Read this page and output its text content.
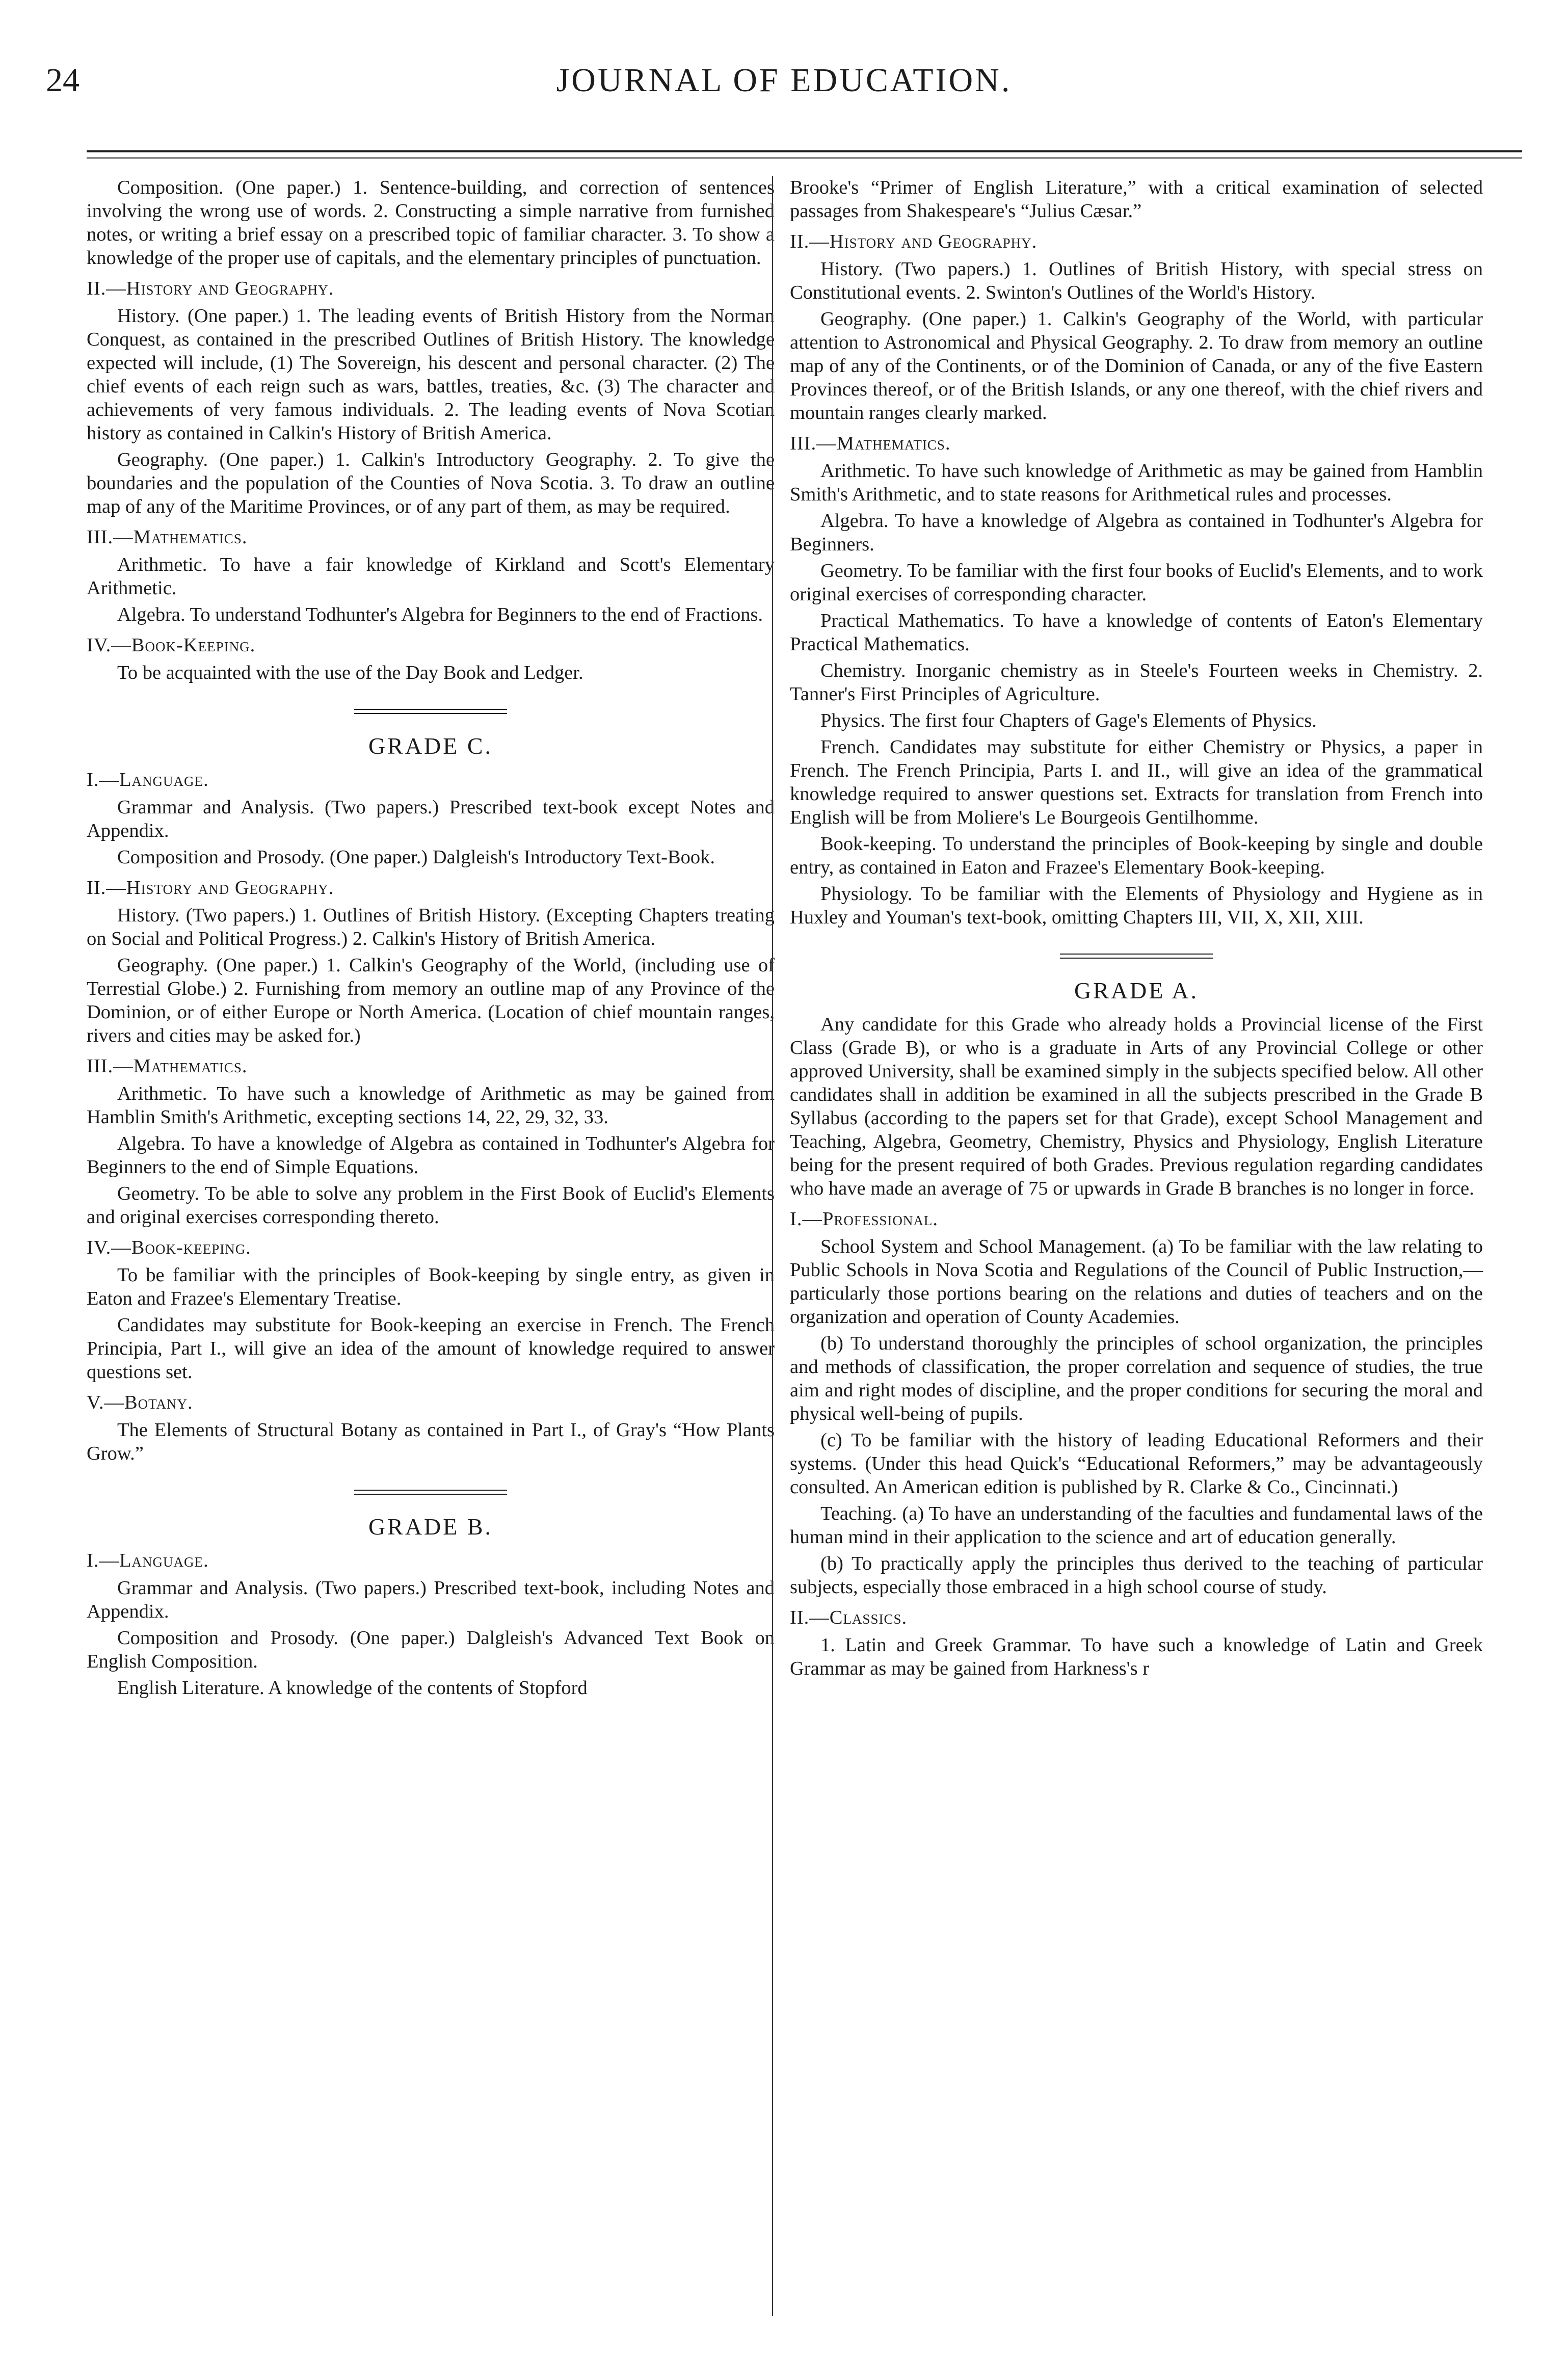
24	JOURNAL OF EDUCATION.

Composition. (One paper.) 1. Sentence-building, and correction of sentences involving the wrong use of words. 2. Constructing a simple narrative from furnished notes, or writing a brief essay on a prescribed topic of familiar character. 3. To show a knowledge of the proper use of capitals, and the elementary principles of punctuation.

II.—History and Geography.

History. (One paper.) 1. The leading events of British History from the Norman Conquest, as contained in the prescribed Outlines of British History. The knowledge expected will include, (1) The Sovereign, his descent and personal character. (2) The chief events of each reign such as wars, battles, treaties, &c. (3) The character and achievements of very famous individuals. 2. The leading events of Nova Scotian history as contained in Calkin's History of British America.

Geography. (One paper.) 1. Calkin's Introductory Geography. 2. To give the boundaries and the population of the Counties of Nova Scotia. 3. To draw an outline map of any of the Maritime Provinces, or of any part of them, as may be required.

III.—Mathematics.

Arithmetic. To have a fair knowledge of Kirkland and Scott's Elementary Arithmetic.

Algebra. To understand Todhunter's Algebra for Beginners to the end of Fractions.

IV.—Book-Keeping.

To be acquainted with the use of the Day Book and Ledger.

GRADE C.

I.—Language.

Grammar and Analysis. (Two papers.) Prescribed text-book except Notes and Appendix.

Composition and Prosody. (One paper.) Dalgleish's Introductory Text-Book.

II.—History and Geography.

History. (Two papers.) 1. Outlines of British History. (Excepting Chapters treating on Social and Political Progress.) 2. Calkin's History of British America.

Geography. (One paper.) 1. Calkin's Geography of the World, (including use of Terrestial Globe.) 2. Furnishing from memory an outline map of any Province of the Dominion, or of either Europe or North America. (Location of chief mountain ranges, rivers and cities may be asked for.)

III.—Mathematics.

Arithmetic. To have such a knowledge of Arithmetic as may be gained from Hamblin Smith's Arithmetic, excepting sections 14, 22, 29, 32, 33.

Algebra. To have a knowledge of Algebra as contained in Todhunter's Algebra for Beginners to the end of Simple Equations.

Geometry. To be able to solve any problem in the First Book of Euclid's Elements and original exercises corresponding thereto.

IV.—Book-keeping.

To be familiar with the principles of Book-keeping by single entry, as given in Eaton and Frazee's Elementary Treatise.

Candidates may substitute for Book-keeping an exercise in French. The French Principia, Part I., will give an idea of the amount of knowledge required to answer questions set.

V.—Botany.

The Elements of Structural Botany as contained in Part I., of Gray's “How Plants Grow.”

GRADE B.

I.—Language.

Grammar and Analysis. (Two papers.) Prescribed text-book, including Notes and Appendix.

Composition and Prosody. (One paper.) Dalgleish's Advanced Text Book on English Composition.

English Literature. A knowledge of the contents of Stopford

Brooke's “Primer of English Literature,” with a critical examination of selected passages from Shakespeare's “Julius Cæsar.”

II.—History and Geography.

History. (Two papers.) 1. Outlines of British History, with special stress on Constitutional events. 2. Swinton's Outlines of the World's History.

Geography. (One paper.) 1. Calkin's Geography of the World, with particular attention to Astronomical and Physical Geography. 2. To draw from memory an outline map of any of the Continents, or of the Dominion of Canada, or any of the five Eastern Provinces thereof, or of the British Islands, or any one thereof, with the chief rivers and mountain ranges clearly marked.

III.—Mathematics.

Arithmetic. To have such knowledge of Arithmetic as may be gained from Hamblin Smith's Arithmetic, and to state reasons for Arithmetical rules and processes.

Algebra. To have a knowledge of Algebra as contained in Todhunter's Algebra for Beginners.

Geometry. To be familiar with the first four books of Euclid's Elements, and to work original exercises of corresponding character.

Practical Mathematics. To have a knowledge of contents of Eaton's Elementary Practical Mathematics.

Chemistry. Inorganic chemistry as in Steele's Fourteen weeks in Chemistry. 2. Tanner's First Principles of Agriculture.

Physics. The first four Chapters of Gage's Elements of Physics.

French. Candidates may substitute for either Chemistry or Physics, a paper in French. The French Principia, Parts I. and II., will give an idea of the grammatical knowledge required to answer questions set. Extracts for translation from French into English will be from Moliere's Le Bourgeois Gentilhomme.

Book-keeping. To understand the principles of Book-keeping by single and double entry, as contained in Eaton and Frazee's Elementary Book-keeping.

Physiology. To be familiar with the Elements of Physiology and Hygiene as in Huxley and Youman's text-book, omitting Chapters III, VII, X, XII, XIII.

GRADE A.

Any candidate for this Grade who already holds a Provincial license of the First Class (Grade B), or who is a graduate in Arts of any Provincial College or other approved University, shall be examined simply in the subjects specified below. All other candidates shall in addition be examined in all the subjects prescribed in the Grade B Syllabus (according to the papers set for that Grade), except School Management and Teaching, Algebra, Geometry, Chemistry, Physics and Physiology, English Literature being for the present required of both Grades. Previous regulation regarding candidates who have made an average of 75 or upwards in Grade B branches is no longer in force.

I.—Professional.

School System and School Management. (a) To be familiar with the law relating to Public Schools in Nova Scotia and Regulations of the Council of Public Instruction,—particularly those portions bearing on the relations and duties of teachers and on the organization and operation of County Academies.

(b) To understand thoroughly the principles of school organization, the principles and methods of classification, the proper correlation and sequence of studies, the true aim and right modes of discipline, and the proper conditions for securing the moral and physical well-being of pupils.

(c) To be familiar with the history of leading Educational Reformers and their systems. (Under this head Quick's “Educational Reformers,” may be advantageously consulted. An American edition is published by R. Clarke & Co., Cincinnati.)

Teaching. (a) To have an understanding of the faculties and fundamental laws of the human mind in their application to the science and art of education generally.

(b) To practically apply the principles thus derived to the teaching of particular subjects, especially those embraced in a high school course of study.

II.—Classics.

1. Latin and Greek Grammar. To have such a knowledge of Latin and Greek Grammar as may be gained from Harkness's r
